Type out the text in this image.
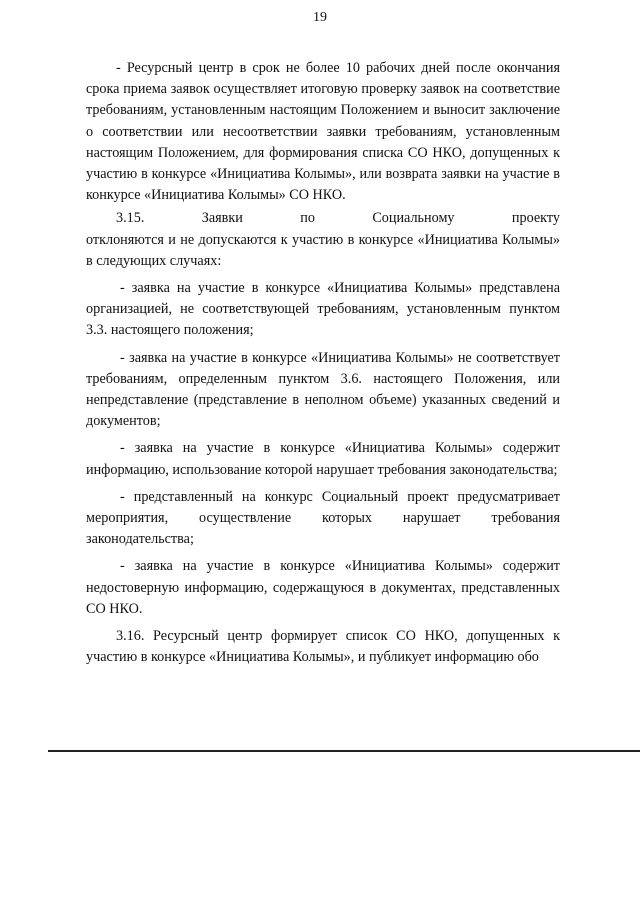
19

- Ресурсный центр в срок не более 10 рабочих дней после окончания срока приема заявок осуществляет итоговую проверку заявок на соответствие требованиям, установленным настоящим Положением и выносит заключение о соответствии или несоответствии заявки требованиям, установленным настоящим Положением, для формирования списка СО НКО, допущенных к участию в конкурсе «Инициатива Колымы», или возврата заявки на участие в конкурсе «Инициатива Колымы» СО НКО.

3.15.	Заявки	по	Социальному	проекту

отклоняются и не допускаются к участию в конкурсе «Инициатива Колымы» в следующих случаях:

- заявка на участие в конкурсе «Инициатива Колымы» представлена организацией, не соответствующей требованиям, установленным пунктом 3.3. настоящего положения;

- заявка на участие в конкурсе «Инициатива Колымы» не соответствует требованиям, определенным пунктом 3.6. настоящего Положения, или непредставление (представление в неполном объеме) указанных сведений и документов;

- заявка на участие в конкурсе «Инициатива Колымы» содержит информацию, использование которой нарушает требования законодательства;

- представленный на конкурс Социальный проект предусматривает мероприятия, осуществление которых нарушает требования законодательства;

- заявка на участие в конкурсе «Инициатива Колымы» содержит недостоверную информацию, содержащуюся в документах, представленных СО НКО.

3.16. Ресурсный центр формирует список СО НКО, допущенных к участию в конкурсе «Инициатива Колымы», и публикует информацию обо
